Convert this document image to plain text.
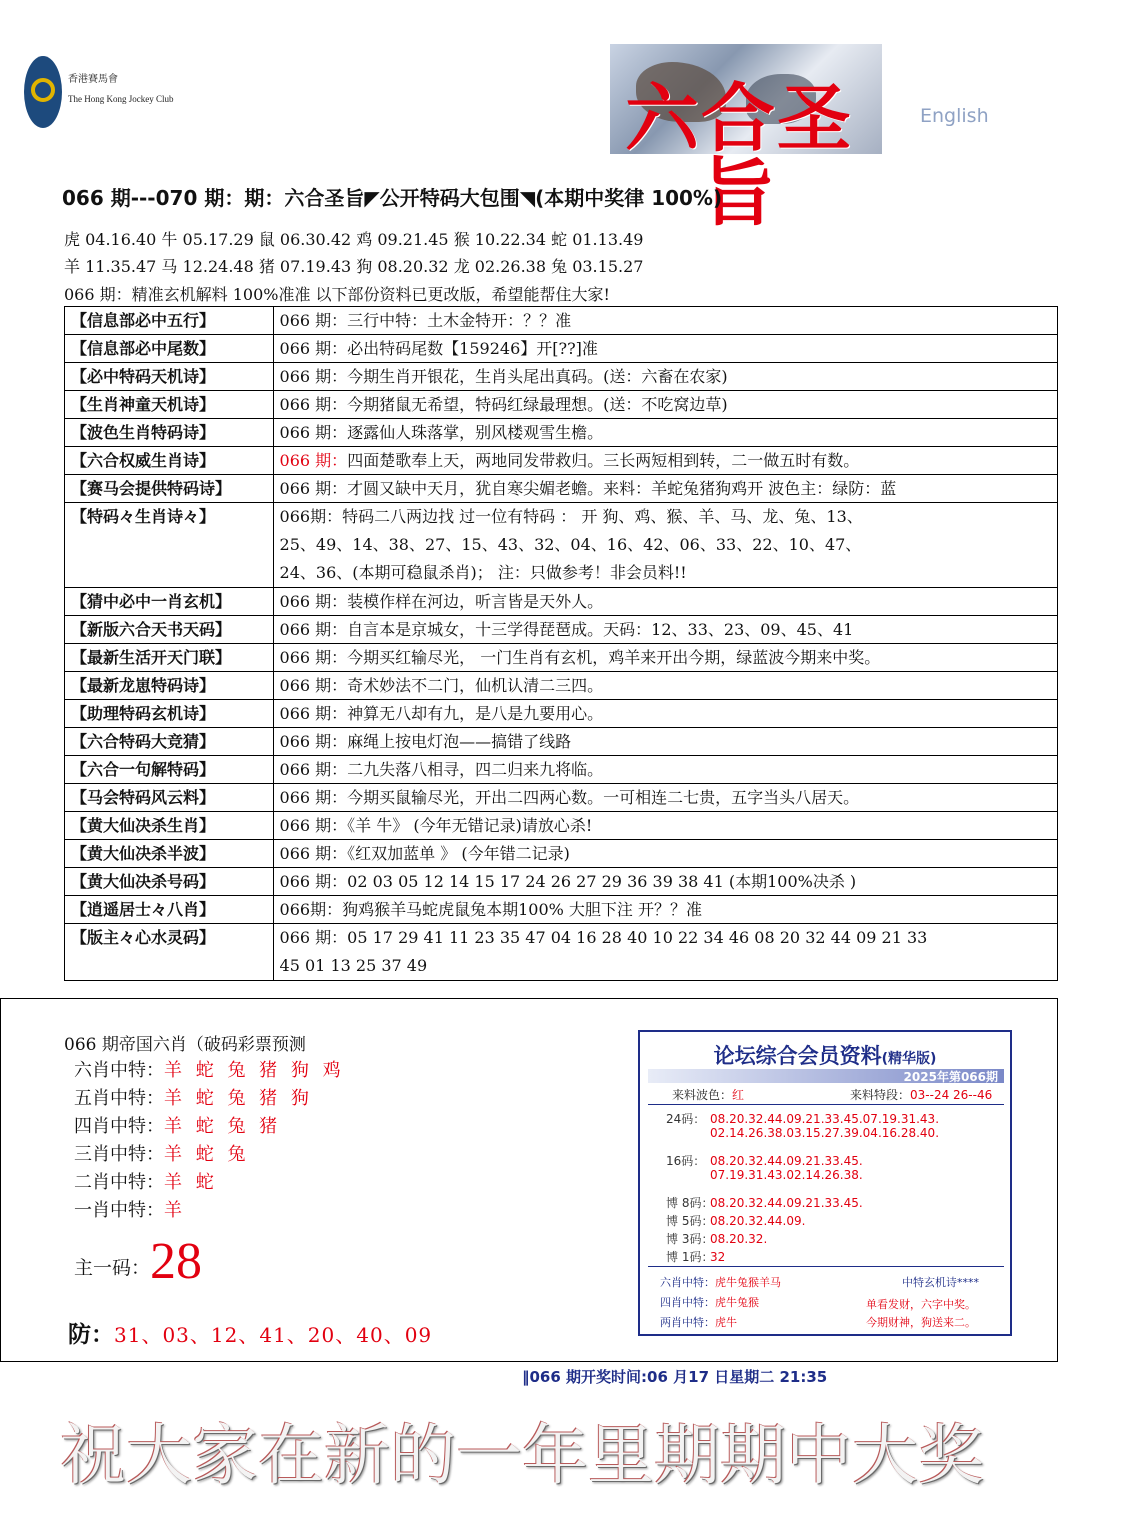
香港賽馬會
The Hong Kong Jockey Club	六合圣旨
English
066 期---070 期：期：六合圣旨◤公开特码大包围◥(本期中奖律 100%)
虎 04.16.40 牛 05.17.29 鼠 06.30.42 鸡 09.21.45 猴 10.22.34 蛇 01.13.49
羊 11.35.47 马 12.24.48 猪 07.19.43 狗 08.20.32 龙 02.26.38 兔 03.15.27
066 期：精准玄机解料 100%准准 以下部份资料已更改版，希望能帮住大家!
【信息部必中五行】	066 期：三行中特：土木金特开：？？准
【信息部必中尾数】	066 期：必出特码尾数【159246】开[??]准
【必中特码天机诗】	066 期：今期生肖开银花，生肖头尾出真码。(送：六畜在农家)
【生肖神童天机诗】	066 期：今期猪鼠无希望，特码红绿最理想。(送：不吃窝边草)
【波色生肖特码诗】	066 期：逐露仙人珠落掌，别风楼观雪生檐。
【六合权威生肖诗】	066 期：四面楚歌奉上天，两地同发带救归。三长两短相到转，二一做五时有数。
【赛马会提供特码诗】	066 期：才圆又缺中天月，犹自寒尖媚老蟾。来料：羊蛇兔猪狗鸡开 波色主：绿防：蓝
【特码々生肖诗々】	066期：特码二八两边找 过一位有特码 ： 开 狗、鸡、猴、羊、马、龙、兔、13、
25、49、14、38、27、15、43、32、04、16、42、06、33、22、10、47、
24、36、(本期可稳鼠杀肖)； 注：只做参考！非会员料!!

【猜中必中一肖玄机】	066 期：装模作样在河边，听言皆是天外人。
【新版六合天书天码】	066 期：自言本是京城女，十三学得琵琶成。天码：12、33、23、09、45、41
【最新生活开天门联】	066 期：今期买红输尽光， 一门生肖有玄机，鸡羊来开出今期，绿蓝波今期来中奖。
【最新龙崽特码诗】	066 期：奇术妙法不二门，仙机认清二三四。
【助理特码玄机诗】	066 期：神算无八却有九，是八是九要用心。
【六合特码大竞猜】	066 期：麻绳上按电灯泡——搞错了线路
【六合一句解特码】	066 期：二九失落八相寻，四二归来九将临。
【马会特码风云料】	066 期：今期买鼠输尽光，开出二四两心数。一可相连二七贵，五字当头八居天。
【黄大仙决杀生肖】	066 期：《羊 牛》 (今年无错记录)请放心杀!
【黄大仙决杀半波】	066 期：《红双加蓝单 》 (今年错二记录)
【黄大仙决杀号码】	066 期：02 03 05 12 14 15 17 24 26 27 29 36 39 38 41 (本期100%决杀 )
【逍遥居士々八肖】	066期：狗鸡猴羊马蛇虎鼠兔本期100% 大胆下注 开？？准
【版主々心水灵码】	066 期：05 17 29 41 11 23 35 47 04 16 28 40 10 22 34 46 08 20 32 44 09 21 33
45 01 13 25 37 49
066 期帝国六肖（破码彩票预测
六肖中特：羊 蛇 兔 猪 狗 鸡
五肖中特：羊 蛇 兔 猪 狗
四肖中特：羊 蛇 兔 猪
三肖中特：羊 蛇 兔
二肖中特：羊 蛇
一肖中特：羊
主一码：28
防：31、03、12、41、20、40、09
论坛综合会员资料(精华版)
2025年第066期
来料波色：红	来料特段：03--24 26--46
24码： 08.20.32.44.09.21.33.45.07.19.31.43.
02.14.26.38.03.15.27.39.04.16.28.40.
16码： 08.20.32.44.09.21.33.45.
07.19.31.43.02.14.26.38.
博 8码：08.20.32.44.09.21.33.45.
博 5码：08.20.32.44.09.
博 3码：08.20.32.
博 1码：32
六肖中特：虎牛兔猴羊马
四肖中特：虎牛兔猴
两肖中特：虎牛
中特玄机诗****
单看发财，六字中奖。
今期财神，狗送来二。
‖066 期开奖时间:06 月17 日星期二 21:35
祝大家在新的一年里期期中大奖
